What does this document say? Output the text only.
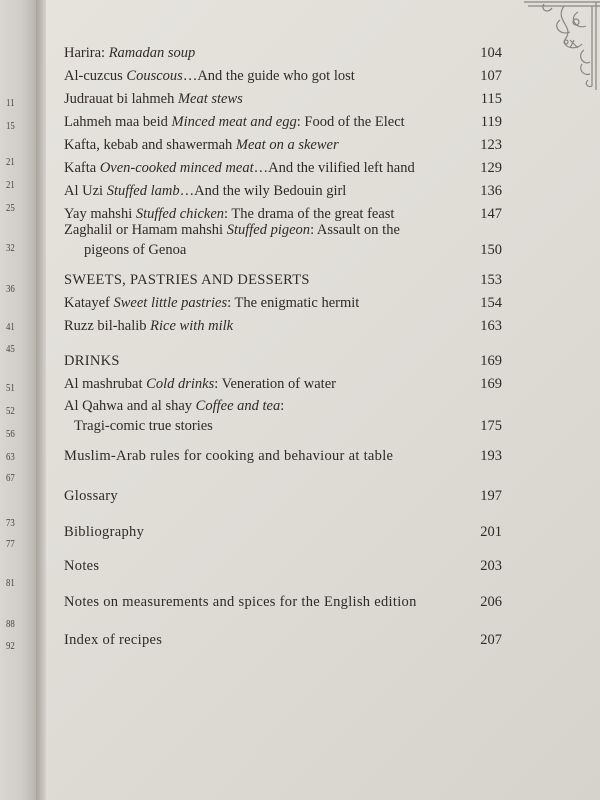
11
15
21
21
25
32
36
41
45
51
52
56
63
67
73
77
81
88
92
Harira: Ramadan soup	104
Al-cuzcus Couscous…And the guide who got lost	107
Judrauat bi lahmeh Meat stews	115
Lahmeh maa beid Minced meat and egg: Food of the Elect	119
Kafta, kebab and shawermah Meat on a skewer	123
Kafta Oven-cooked minced meat…And the vilified left hand	129
Al Uzi Stuffed lamb…And the wily Bedouin girl	136
Yay mahshi Stuffed chicken: The drama of the great feast	147
Zaghalil or Hamam mahshi Stuffed pigeon: Assault on the
pigeons of Genoa	150
SWEETS, PASTRIES AND DESSERTS	153
Katayef Sweet little pastries: The enigmatic hermit	154
Ruzz bil-halib Rice with milk	163
DRINKS	169
Al mashrubat Cold drinks: Veneration of water	169
Al Qahwa and al shay Coffee and tea:
Tragi-comic true stories	175
Muslim-Arab rules for cooking and behaviour at table	193
Glossary	197
Bibliography	201
Notes	203
Notes on measurements and spices for the English edition	206
Index of recipes	207
